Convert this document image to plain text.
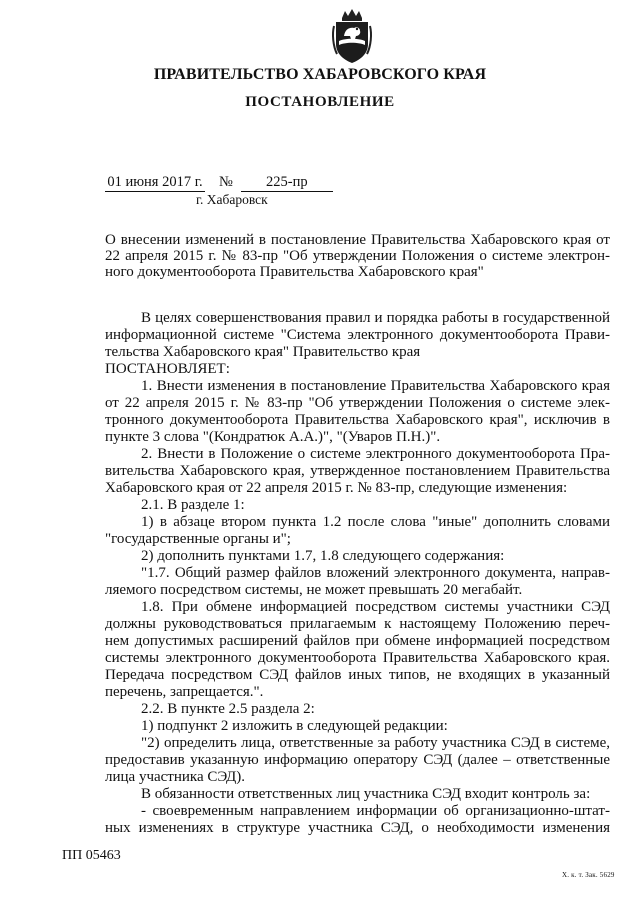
ПРАВИТЕЛЬСТВО ХАБАРОВСКОГО КРАЯ
ПОСТАНОВЛЕНИЕ
01 июня 2017 г. № 225-пр
г. Хабаровск
О внесении изменений в постановление Правительства Хабаровского края от
22 апреля 2015 г. № 83-пр "Об утверждении Положения о системе электрон-
ного документооборота Правительства Хабаровского края"
В целях совершенствования правил и порядка работы в государственной
информационной системе "Система электронного документооборота Прави-
тельства Хабаровского края" Правительство края
ПОСТАНОВЛЯЕТ:
1. Внести изменения в постановление Правительства Хабаровского края
от 22 апреля 2015 г. № 83-пр "Об утверждении Положения о системе элек-
тронного документооборота Правительства Хабаровского края", исключив в
пункте 3 слова "(Кондратюк А.А.)", "(Уваров П.Н.)".
2. Внести в Положение о системе электронного документооборота Пра-
вительства Хабаровского края, утвержденное постановлением Правительства
Хабаровского края от 22 апреля 2015 г. № 83-пр, следующие изменения:
2.1. В разделе 1:
1) в абзаце втором пункта 1.2 после слова "иные" дополнить словами
"государственные органы и";
2) дополнить пунктами 1.7, 1.8 следующего содержания:
"1.7. Общий размер файлов вложений электронного документа, направ-
ляемого посредством системы, не может превышать 20 мегабайт.
1.8. При обмене информацией посредством системы участники СЭД
должны руководствоваться прилагаемым к настоящему Положению переч-
нем допустимых расширений файлов при обмене информацией посредством
системы электронного документооборота Правительства Хабаровского края.
Передача посредством СЭД файлов иных типов, не входящих в указанный
перечень, запрещается.".
2.2. В пункте 2.5 раздела 2:
1) подпункт 2 изложить в следующей редакции:
"2) определить лица, ответственные за работу участника СЭД в системе,
предоставив указанную информацию оператору СЭД (далее – ответственные
лица участника СЭД).
В обязанности ответственных лиц участника СЭД входит контроль за:
- своевременным направлением информации об организационно-штат-
ных изменениях в структуре участника СЭД, о необходимости изменения
ПП 05463
Х. к. т. Зак. 5629
